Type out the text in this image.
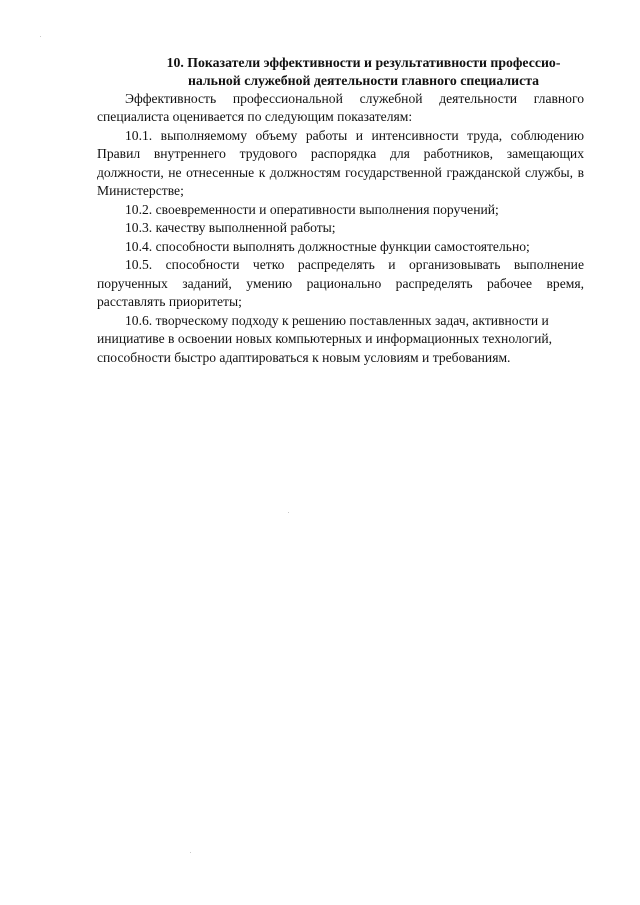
10. Показатели эффективности и результативности профессио-
нальной служебной деятельности главного специалиста

Эффективность профессиональной служебной деятельности главного специалиста оценивается по следующим показателям:

10.1. выполняемому объему работы и интенсивности труда, соблюдению Правил внутреннего трудового распорядка для работников, замещающих должности, не отнесенные к должностям государственной гражданской службы, в Министерстве;

10.2. своевременности и оперативности выполнения поручений;

10.3. качеству выполненной работы;

10.4. способности выполнять должностные функции самостоятельно;

10.5. способности четко распределять и организовывать выполнение порученных заданий, умению рационально распределять рабочее время, расставлять приоритеты;

10.6. творческому подходу к решению поставленных задач, активности и инициативе в освоении новых компьютерных и информационных технологий, способности быстро адаптироваться к новым условиям и требованиям.
